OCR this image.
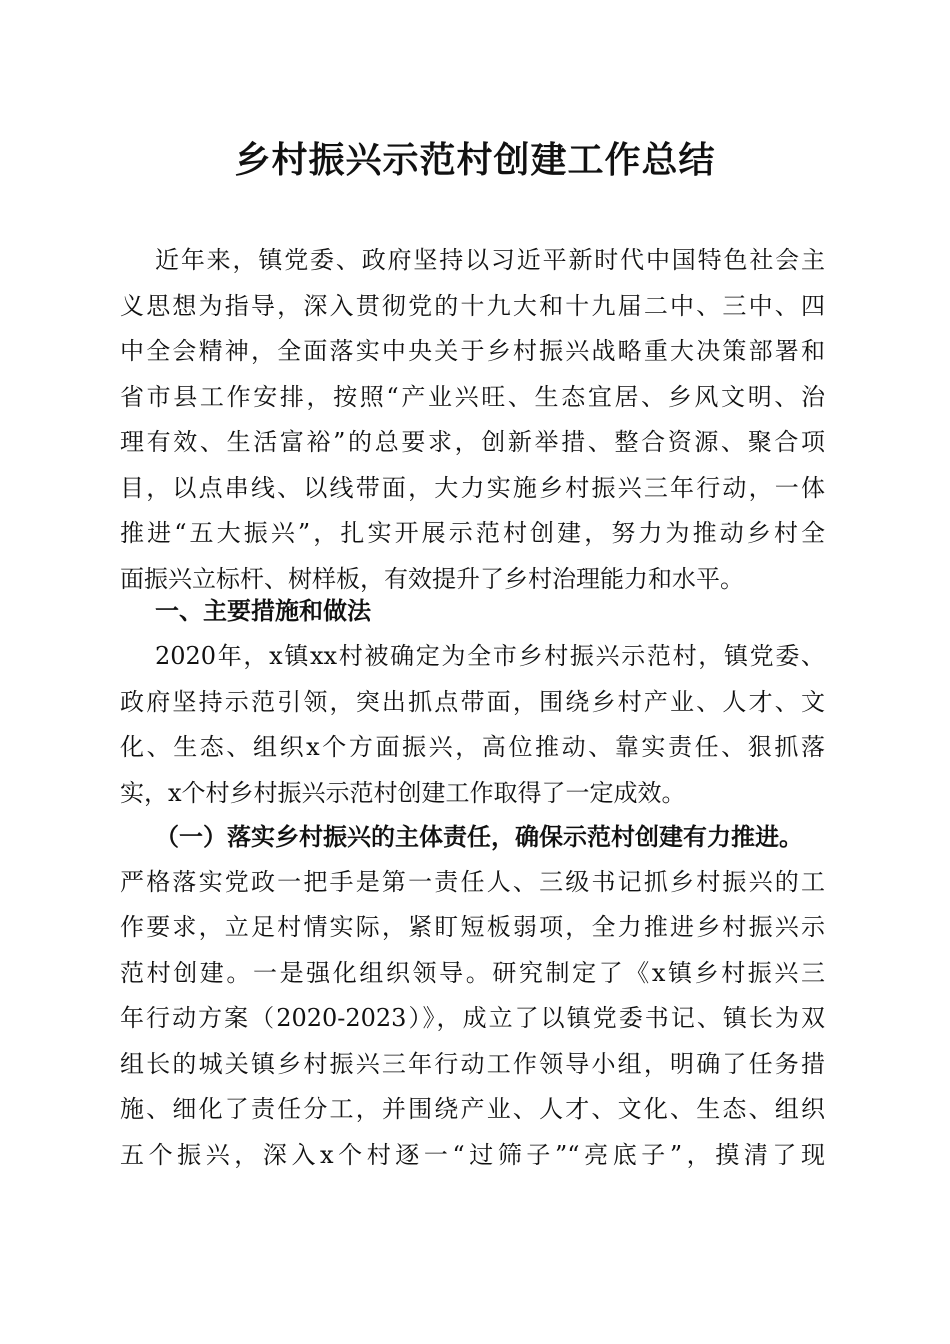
乡村振兴示范村创建工作总结
近年来，镇党委、政府坚持以习近平新时代中国特色社会主
义思想为指导，深入贯彻党的十九大和十九届二中、三中、四
中全会精神，全面落实中央关于乡村振兴战略重大决策部署和
省市县工作安排，按照“产业兴旺、生态宜居、乡风文明、治
理有效、生活富裕”的总要求，创新举措、整合资源、聚合项
目，以点串线、以线带面，大力实施乡村振兴三年行动，一体
推进“五大振兴”，扎实开展示范村创建，努力为推动乡村全
面振兴立标杆、树样板，有效提升了乡村治理能力和水平。
一、主要措施和做法
2020年，x镇xx村被确定为全市乡村振兴示范村，镇党委、
政府坚持示范引领，突出抓点带面，围绕乡村产业、人才、文
化、生态、组织x个方面振兴，高位推动、靠实责任、狠抓落
实，x个村乡村振兴示范村创建工作取得了一定成效。
（一）落实乡村振兴的主体责任，确保示范村创建有力推进。
严格落实党政一把手是第一责任人、三级书记抓乡村振兴的工
作要求，立足村情实际，紧盯短板弱项，全力推进乡村振兴示
范村创建。一是强化组织领导。研究制定了《x镇乡村振兴三
年行动方案（2020-2023）》，成立了以镇党委书记、镇长为双
组长的城关镇乡村振兴三年行动工作领导小组，明确了任务措
施、细化了责任分工，并围绕产业、人才、文化、生态、组织
五个振兴，深入x个村逐一“过筛子”“亮底子”，摸清了现
